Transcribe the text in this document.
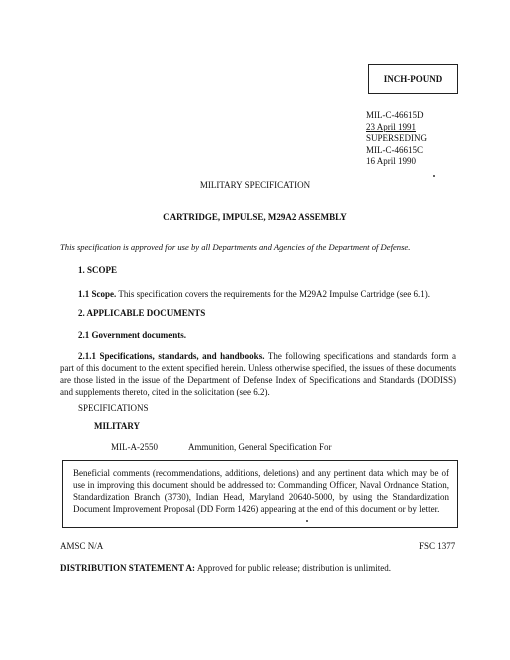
INCH-POUND
MIL-C-46615D
23 April 1991
SUPERSEDING
MIL-C-46615C
16 April 1990
MILITARY SPECIFICATION
CARTRIDGE, IMPULSE, M29A2 ASSEMBLY
This specification is approved for use by all Departments and Agencies of the Department of Defense.
1. SCOPE
1.1 Scope. This specification covers the requirements for the M29A2 Impulse Cartridge (see 6.1).
2. APPLICABLE DOCUMENTS
2.1 Government documents.
2.1.1 Specifications, standards, and handbooks. The following specifications and standards form a part of this document to the extent specified herein. Unless otherwise specified, the issues of these documents are those listed in the issue of the Department of Defense Index of Specifications and Standards (DODISS) and supplements thereto, cited in the solicitation (see 6.2).
SPECIFICATIONS
MILITARY
MIL-A-2550	Ammunition, General Specification For
Beneficial comments (recommendations, additions, deletions) and any pertinent data which may be of use in improving this document should be addressed to: Commanding Officer, Naval Ordnance Station, Standardization Branch (3730), Indian Head, Maryland 20640-5000, by using the Standardization Document Improvement Proposal (DD Form 1426) appearing at the end of this document or by letter.
AMSC N/A	FSC 1377
DISTRIBUTION STATEMENT A: Approved for public release; distribution is unlimited.
